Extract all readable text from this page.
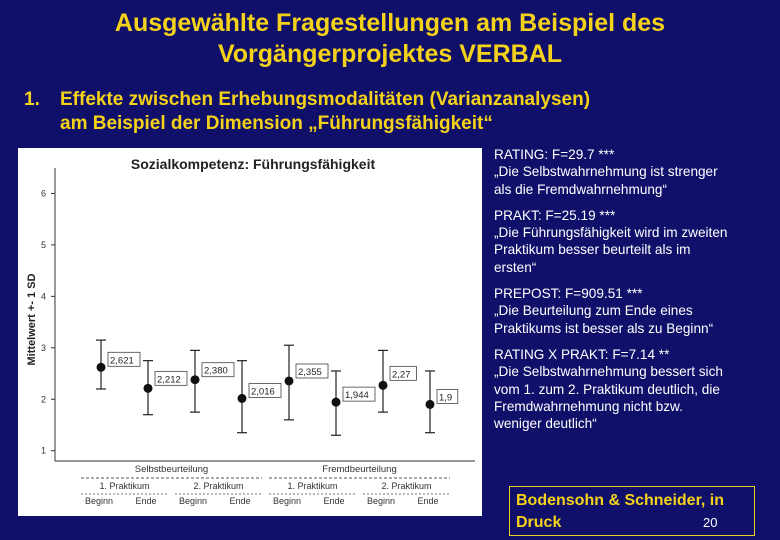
Ausgewählte Fragestellungen am Beispiel des
Vorgängerprojektes VERBAL
1. Effekte zwischen Erhebungsmodalitäten (Varianzanalysen)
am Beispiel der Dimension „Führungsfähigkeit“
Sozialkompetenz: Führungsfähigkeit
1
2
3
4
5
6
Mittelwert +- 1 SD	2,621
2,212
2,380
2,016
2,355
1,944
2,27
1,9
Beginn Ende Beginn Ende Beginn Ende Beginn Ende
Selbstbeurteilung
1. Praktikum	2. Praktikum
Fremdbeurteilung
1. Praktikum	2. Praktikum
RATING: F=29.7 ***
„Die Selbstwahrnehmung ist strenger
als die Fremdwahrnehmung“
PRAKT: F=25.19 ***
„Die Führungsfähigkeit wird im zweiten
Praktikum besser beurteilt als im
ersten“
PREPOST: F=909.51 ***
„Die Beurteilung zum Ende eines
Praktikums ist besser als zu Beginn“
RATING X PRAKT: F=7.14 **
„Die Selbstwahrnehmung bessert sich
vom 1. zum 2. Praktikum deutlich, die
Fremdwahrnehmung nicht bzw.
weniger deutlich“
Bodensohn & Schneider, in
Druck	20
